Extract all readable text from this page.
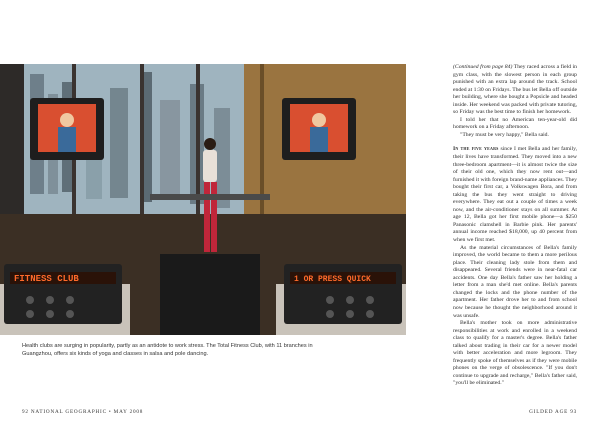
FITNESS CLUB	1 OR PRESS QUICK
Health clubs are surging in popularity, partly as an antidote to work stress. The Total Fitness Club, with 11 branches in Guangzhou, offers six kinds of yoga and classes in salsa and pole dancing.

(Continued from page 84) They raced across a field in gym class, with the slowest person in each group punished with an extra lap around the track. School ended at 1:30 on Fridays. The bus let Bella off outside her building, where she bought a Popsicle and headed inside. Her weekend was packed with private tutoring, so Friday was the best time to finish her homework.

I told her that no American ten-year-old did homework on a Friday afternoon.

"They must be very happy," Bella said.

In the five years since I met Bella and her family, their lives have transformed. They moved into a new three-bedroom apartment—it is almost twice the size of their old one, which they now rent out—and furnished it with foreign brand-name appliances. They bought their first car, a Volkswagen Bora, and from taking the bus they went straight to driving everywhere. They eat out a couple of times a week now, and the air-conditioner stays on all summer. At age 12, Bella got her first mobile phone—a $250 Panasonic clamshell in Barbie pink. Her parents' annual income reached $18,000, up 40 percent from when we first met.

As the material circumstances of Bella's family improved, the world became to them a more perilous place. Their cleaning lady stole from them and disappeared. Several friends were in near-fatal car accidents. One day Bella's father saw her holding a letter from a man she'd met online. Bella's parents changed the locks and the phone number of the apartment. Her father drove her to and from school now because he thought the neighborhood around it was unsafe.

Bella's mother took on more administrative responsibilities at work and enrolled in a weekend class to qualify for a master's degree. Bella's father talked about trading in their car for a newer model with better acceleration and more legroom. They frequently spoke of themselves as if they were mobile phones on the verge of obsolescence. "If you don't continue to upgrade and recharge," Bella's father said, "you'll be eliminated."

92 NATIONAL GEOGRAPHIC • MAY 2008	GILDED AGE 93
